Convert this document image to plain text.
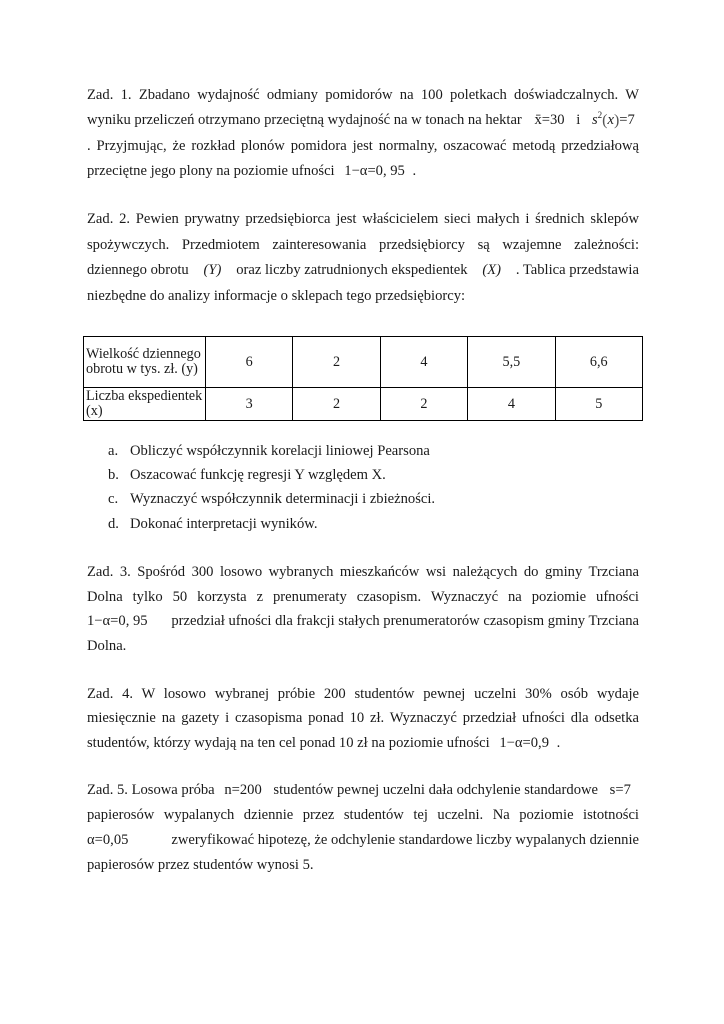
Zad. 1. Zbadano wydajność odmiany pomidorów na 100 poletkach doświadczalnych. W
wyniku przeliczeń otrzymano przeciętną wydajność na w tonach na hektar x̄=30 i $s^2(x)=7$
. Przyjmując, że rozkład plonów pomidora jest normalny, oszacować metodą przedziałową
przeciętne jego plony na poziomie ufności 1−α=0, 95 .
Zad. 2. Pewien prywatny przedsiębiorca jest właścicielem sieci małych i średnich sklepów
spożywczych. Przedmiotem zainteresowania przedsiębiorcy są wzajemne zależności:
dziennego obrotu (Y) oraz liczby zatrudnionych ekspedientek (X) . Tablica przedstawia
niezbędne do analizy informacje o sklepach tego przedsiębiorcy:
Wielkość dziennego obrotu w tys. zł. (y)	6	2	4	5,5	6,6
Liczba ekspedientek (x)	3	2	2	4	5
a. Obliczyć współczynnik korelacji liniowej Pearsona
b. Oszacować funkcję regresji Y względem X.
c. Wyznaczyć współczynnik determinacji i zbieżności.
d. Dokonać interpretacji wyników.
Zad. 3. Spośród 300 losowo wybranych mieszkańców wsi należących do gminy Trzciana
Dolna tylko 50 korzysta z prenumeraty czasopism. Wyznaczyć na poziomie ufności
1−α=0, 95 przedział ufności dla frakcji stałych prenumeratorów czasopism gminy Trzciana
Dolna.
Zad. 4. W losowo wybranej próbie 200 studentów pewnej uczelni 30% osób wydaje
miesięcznie na gazety i czasopisma ponad 10 zł. Wyznaczyć przedział ufności dla odsetka
studentów, którzy wydają na ten cel ponad 10 zł na poziomie ufności 1−α=0,9 .
Zad. 5. Losowa próba n=200 studentów pewnej uczelni dała odchylenie standardowe s=7
papierosów wypalanych dziennie przez studentów tej uczelni. Na poziomie istotności
α=0,05	zweryfikować hipotezę, że odchylenie standardowe liczby wypalanych dziennie
papierosów przez studentów wynosi 5.
